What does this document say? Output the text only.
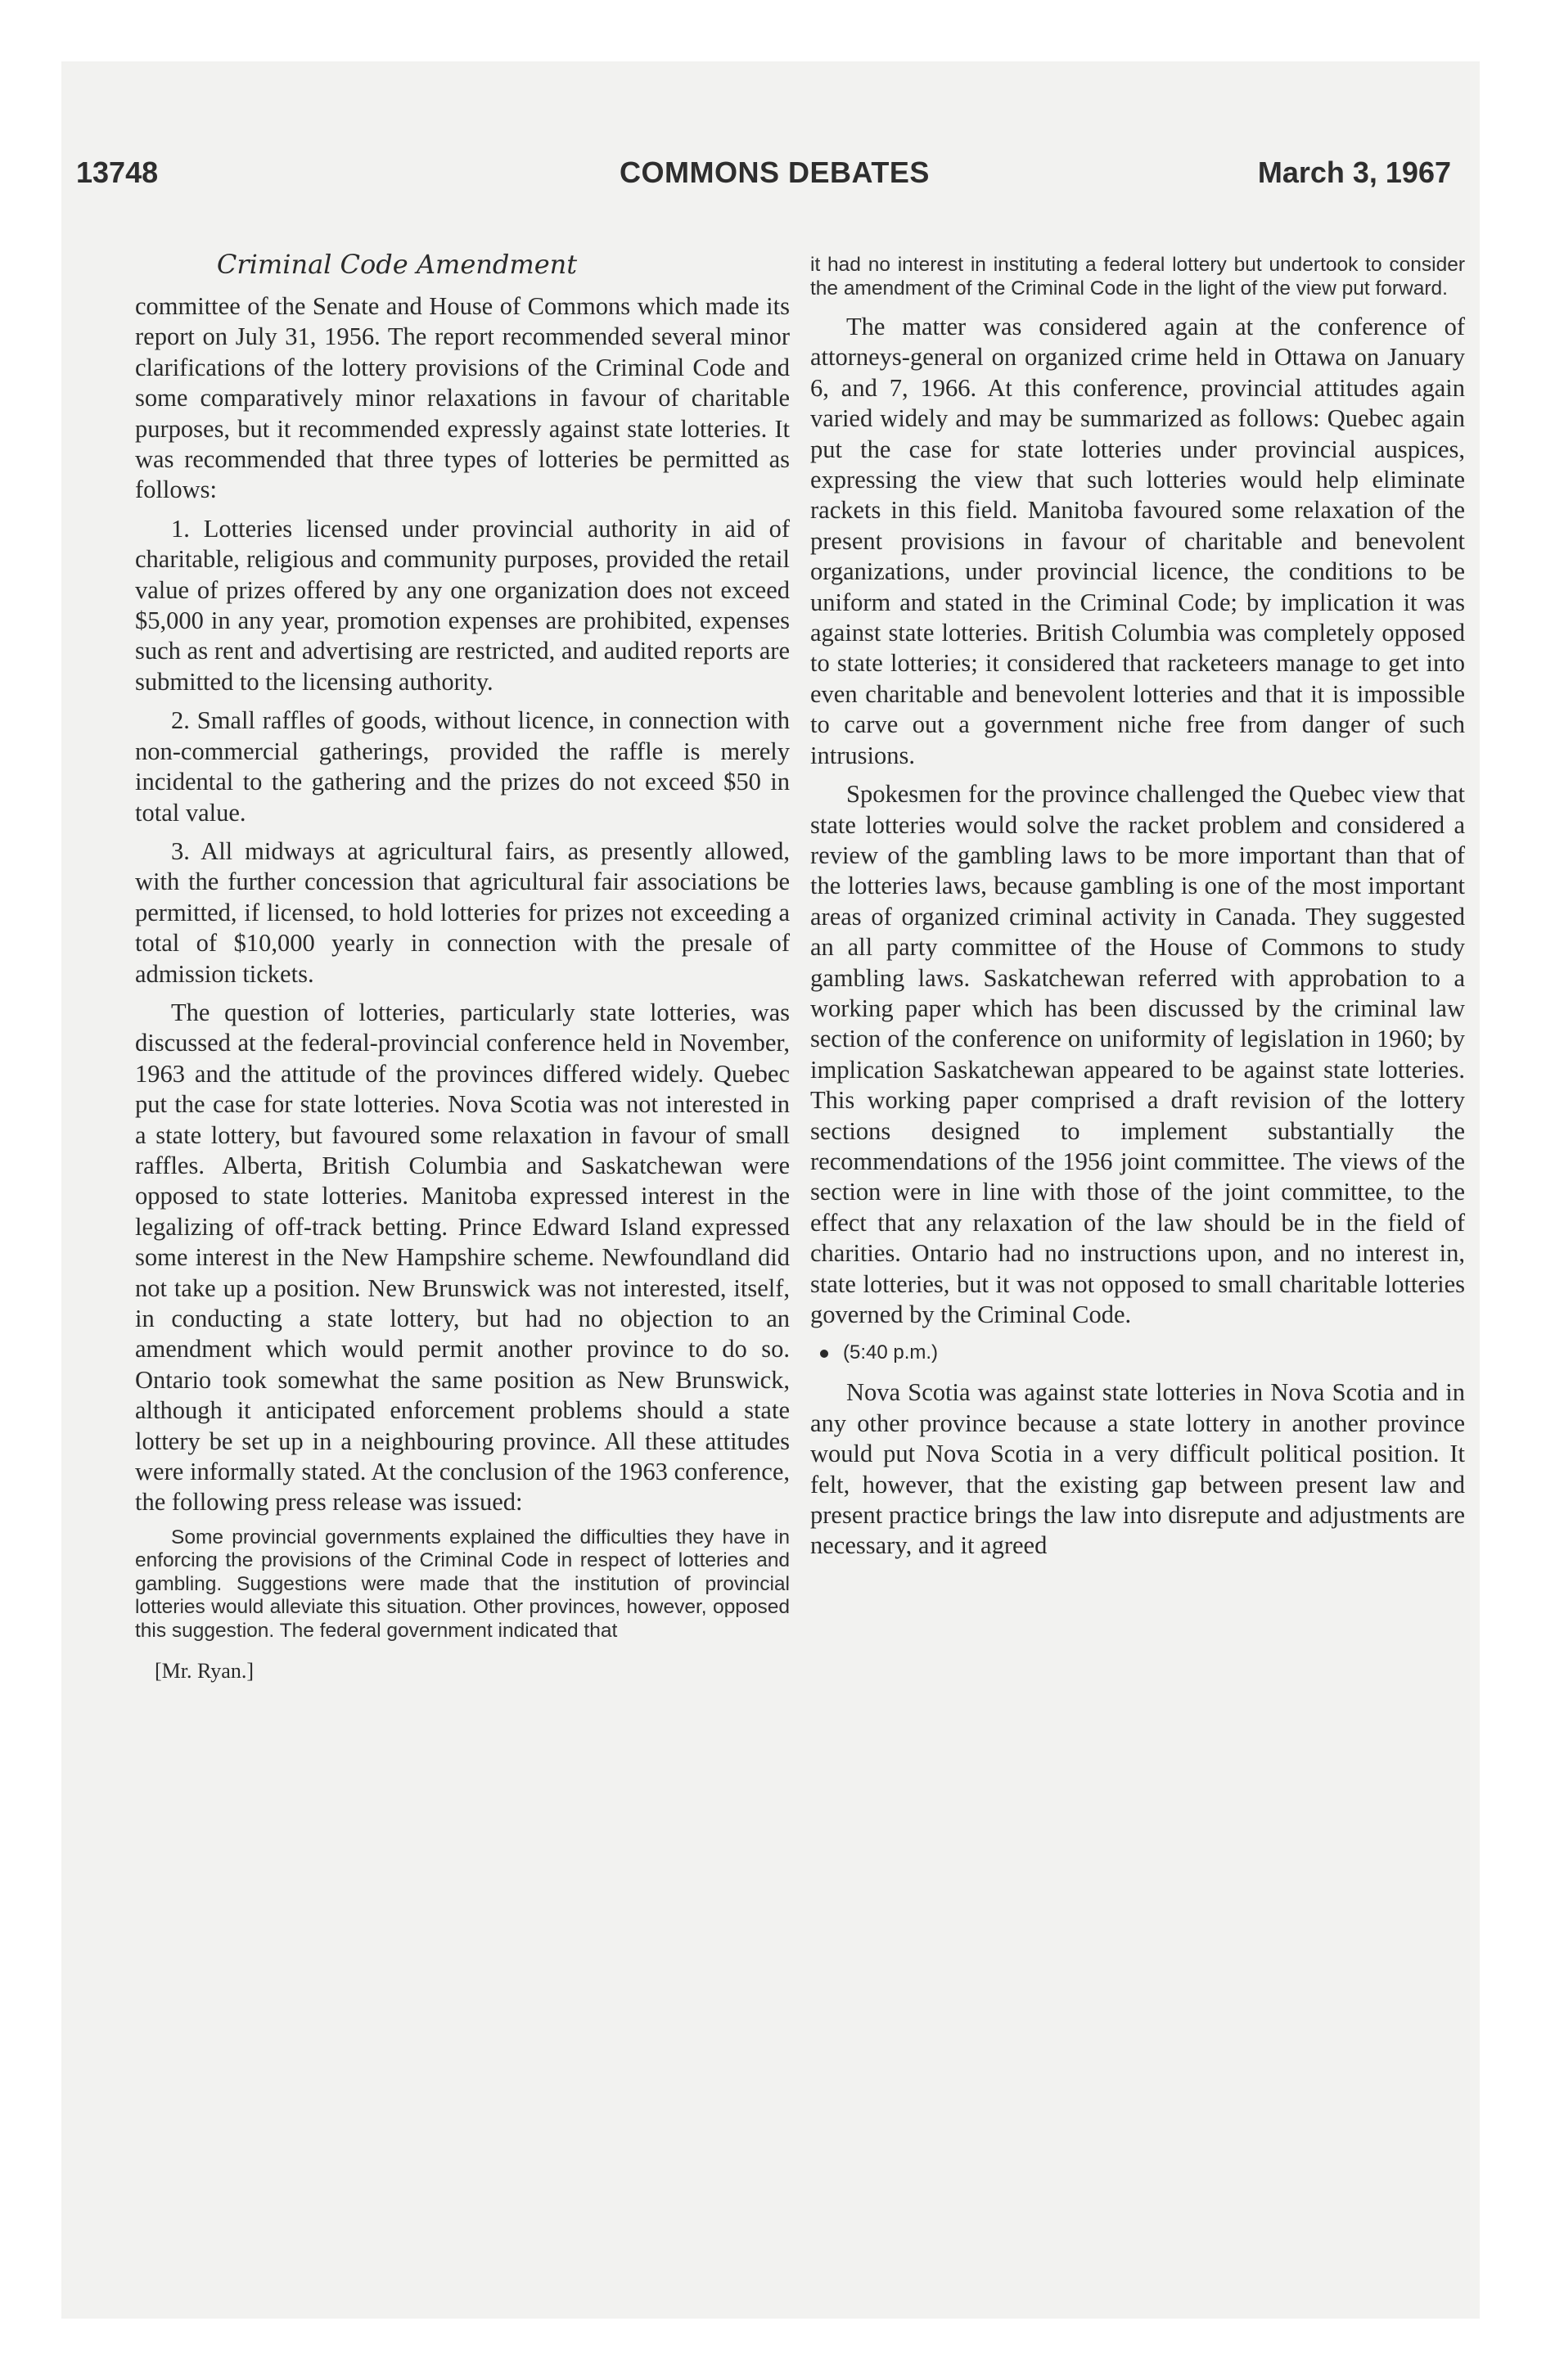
13748	COMMONS DEBATES	March 3, 1967
Criminal Code Amendment

committee of the Senate and House of Commons which made its report on July 31, 1956. The report recommended several minor clarifications of the lottery provisions of the Criminal Code and some comparatively minor relaxations in favour of charitable purposes, but it recommended expressly against state lotteries. It was recommended that three types of lotteries be permitted as follows:

1. Lotteries licensed under provincial authority in aid of charitable, religious and community purposes, provided the retail value of prizes offered by any one organization does not exceed $5,000 in any year, promotion expenses are prohibited, expenses such as rent and advertising are restricted, and audited reports are submitted to the licensing authority.

2. Small raffles of goods, without licence, in connection with non-commercial gatherings, provided the raffle is merely incidental to the gathering and the prizes do not exceed $50 in total value.

3. All midways at agricultural fairs, as presently allowed, with the further concession that agricultural fair associations be permitted, if licensed, to hold lotteries for prizes not exceeding a total of $10,000 yearly in connection with the presale of admission tickets.

The question of lotteries, particularly state lotteries, was discussed at the federal-provincial conference held in November, 1963 and the attitude of the provinces differed widely. Quebec put the case for state lotteries. Nova Scotia was not interested in a state lottery, but favoured some relaxation in favour of small raffles. Alberta, British Columbia and Saskatchewan were opposed to state lotteries. Manitoba expressed interest in the legalizing of off-track betting. Prince Edward Island expressed some interest in the New Hampshire scheme. Newfoundland did not take up a position. New Brunswick was not interested, itself, in conducting a state lottery, but had no objection to an amendment which would permit another province to do so. Ontario took somewhat the same position as New Brunswick, although it anticipated enforcement problems should a state lottery be set up in a neighbouring province. All these attitudes were informally stated. At the conclusion of the 1963 conference, the following press release was issued:

Some provincial governments explained the difficulties they have in enforcing the provisions of the Criminal Code in respect of lotteries and gambling. Suggestions were made that the institution of provincial lotteries would alleviate this situation. Other provinces, however, opposed this suggestion. The federal government indicated that
[Mr. Ryan.]
it had no interest in instituting a federal lottery but undertook to consider the amendment of the Criminal Code in the light of the view put forward.

The matter was considered again at the conference of attorneys-general on organized crime held in Ottawa on January 6, and 7, 1966. At this conference, provincial attitudes again varied widely and may be summarized as follows: Quebec again put the case for state lotteries under provincial auspices, expressing the view that such lotteries would help eliminate rackets in this field. Manitoba favoured some relaxation of the present provisions in favour of charitable and benevolent organizations, under provincial licence, the conditions to be uniform and stated in the Criminal Code; by implication it was against state lotteries. British Columbia was completely opposed to state lotteries; it considered that racketeers manage to get into even charitable and benevolent lotteries and that it is impossible to carve out a government niche free from danger of such intrusions.

Spokesmen for the province challenged the Quebec view that state lotteries would solve the racket problem and considered a review of the gambling laws to be more important than that of the lotteries laws, because gambling is one of the most important areas of organized criminal activity in Canada. They suggested an all party committee of the House of Commons to study gambling laws. Saskatchewan referred with approbation to a working paper which has been discussed by the criminal law section of the conference on uniformity of legislation in 1960; by implication Saskatchewan appeared to be against state lotteries. This working paper comprised a draft revision of the lottery sections designed to implement substantially the recommendations of the 1956 joint committee. The views of the section were in line with those of the joint committee, to the effect that any relaxation of the law should be in the field of charities. Ontario had no instructions upon, and no interest in, state lotteries, but it was not opposed to small charitable lotteries governed by the Criminal Code.

(5:40 p.m.)

Nova Scotia was against state lotteries in Nova Scotia and in any other province because a state lottery in another province would put Nova Scotia in a very difficult political position. It felt, however, that the existing gap between present law and present practice brings the law into disrepute and adjustments are necessary, and it agreed
